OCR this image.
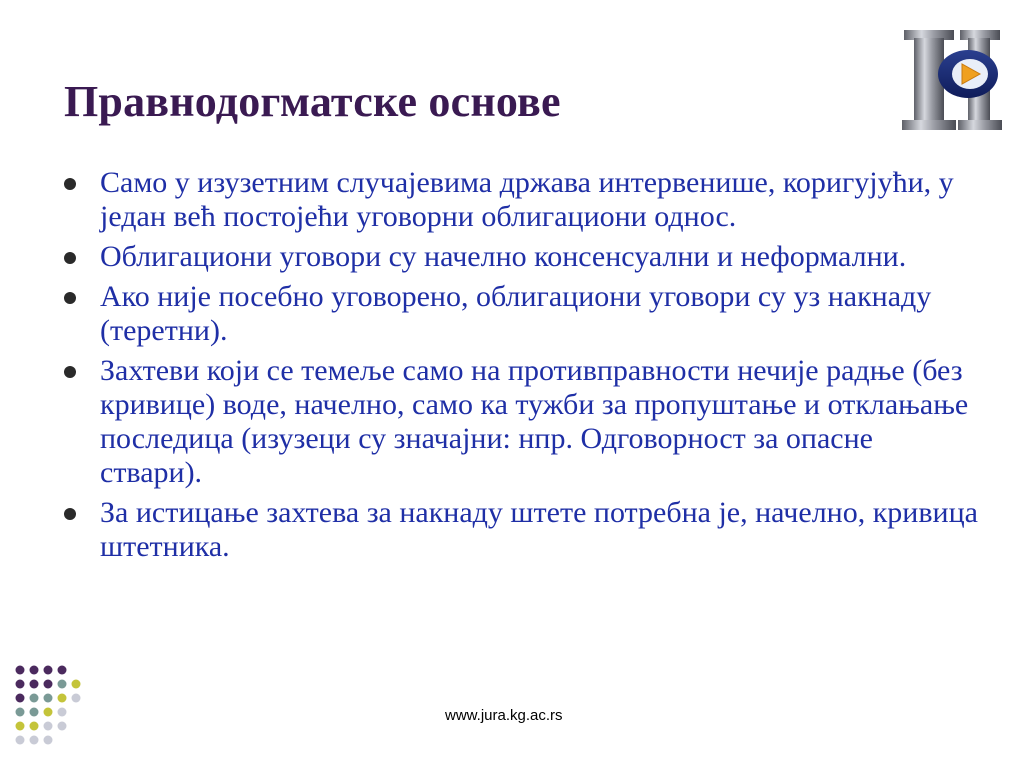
Правнодогматске основе
Само у изузетним случајевима држава интервенише, коригујући, у један већ постојећи уговорни облигациони однос.
Облигациони уговори су начелно консенсуални и неформални.
Ако није посебно уговорено, облигациони уговори су уз накнаду (теретни).
Захтеви који се темеље само на противправности нечије радње (без кривице) воде, начелно, само ка тужби за пропуштање и отклањање последица (изузеци су значајни: нпр. Одговорност за опасне ствари).
За истицање захтева за накнаду штете потребна је, начелно, кривица штетника.
www.jura.kg.ac.rs
